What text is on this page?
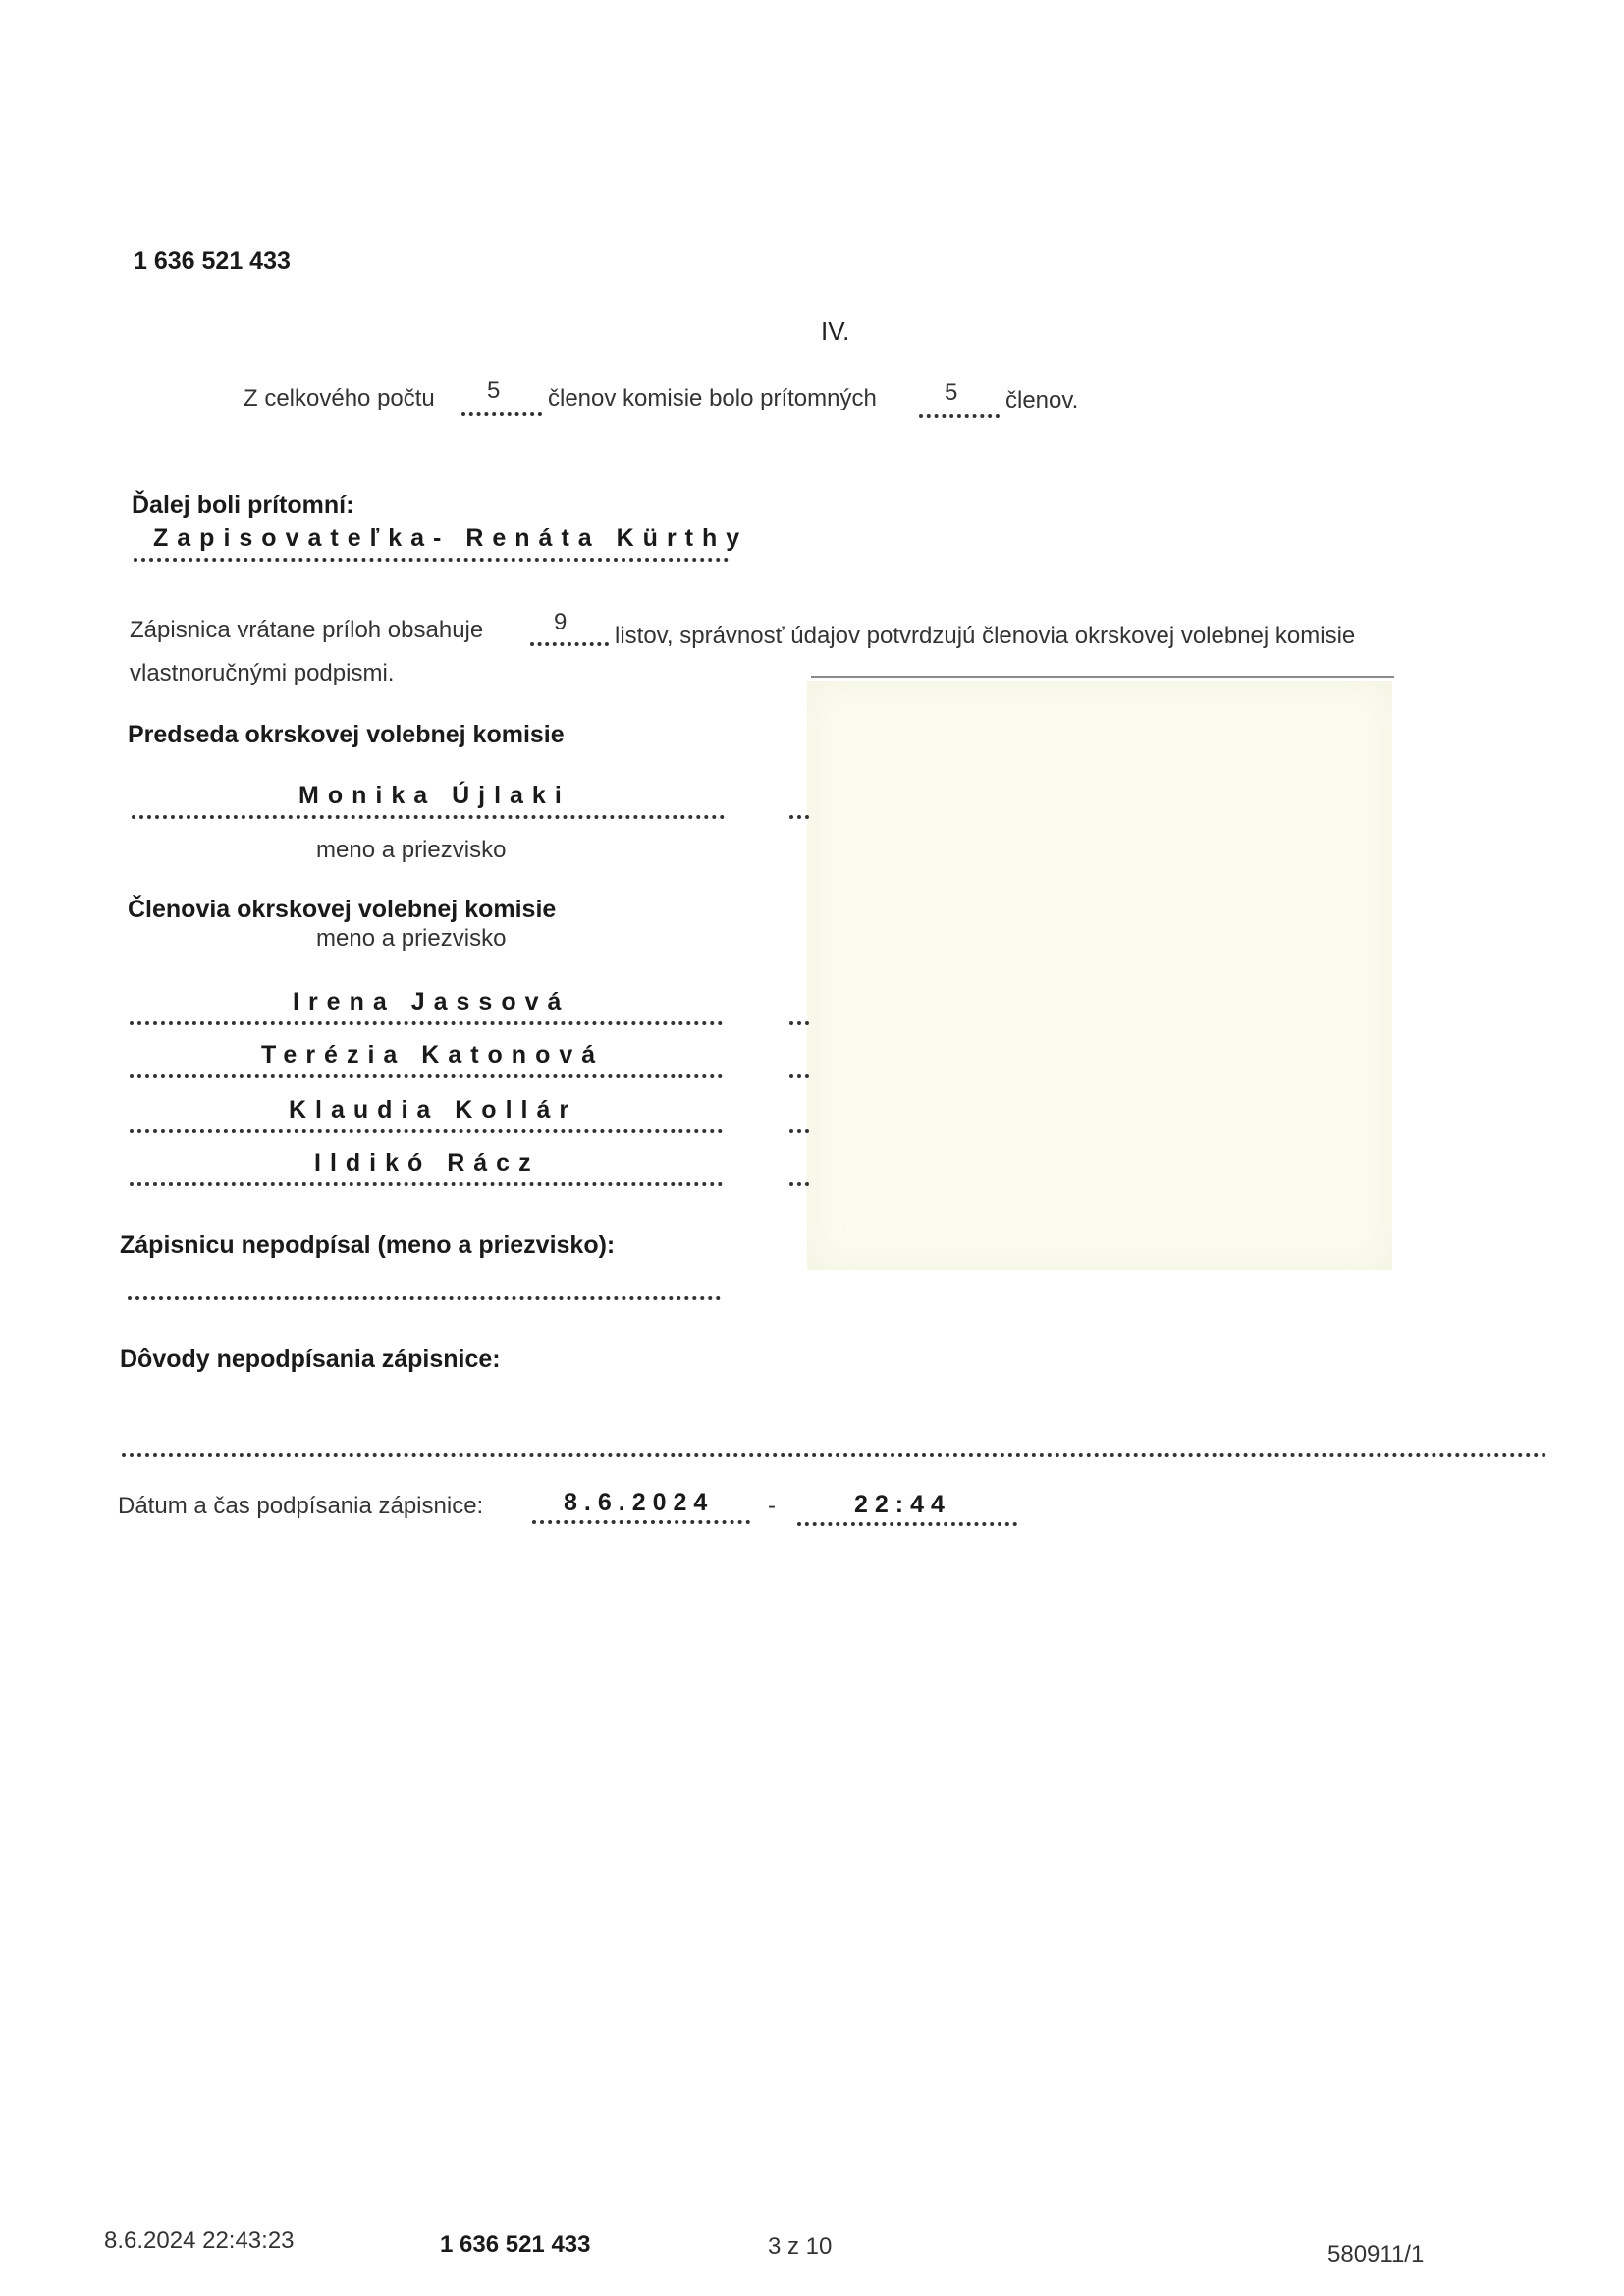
1 636 521 433
IV.
Z celkového počtu 5 členov komisie bolo prítomných	5 členov.
Ďalej boli prítomní:
Zapisovateľka- Renáta Kürthy
Zápisnica vrátane príloh obsahuje	9
listov, správnosť údajov potvrdzujú členovia okrskovej volebnej komisie
vlastnoručnými podpismi.
Predseda okrskovej volebnej komisie
Monika Újlaki
meno a priezvisko
Členovia okrskovej volebnej komisie
meno a priezvisko
Irena Jassová
Terézia Katonová
Klaudia Kollár
Ildikó Rácz
Zápisnicu nepodpísal (meno a priezvisko):
Dôvody nepodpísania zápisnice:
Dátum a čas podpísania zápisnice:	8.6.2024 -	22:44
8.6.2024 22:43:23	1 636 521 433	3 z 10	580911/1
